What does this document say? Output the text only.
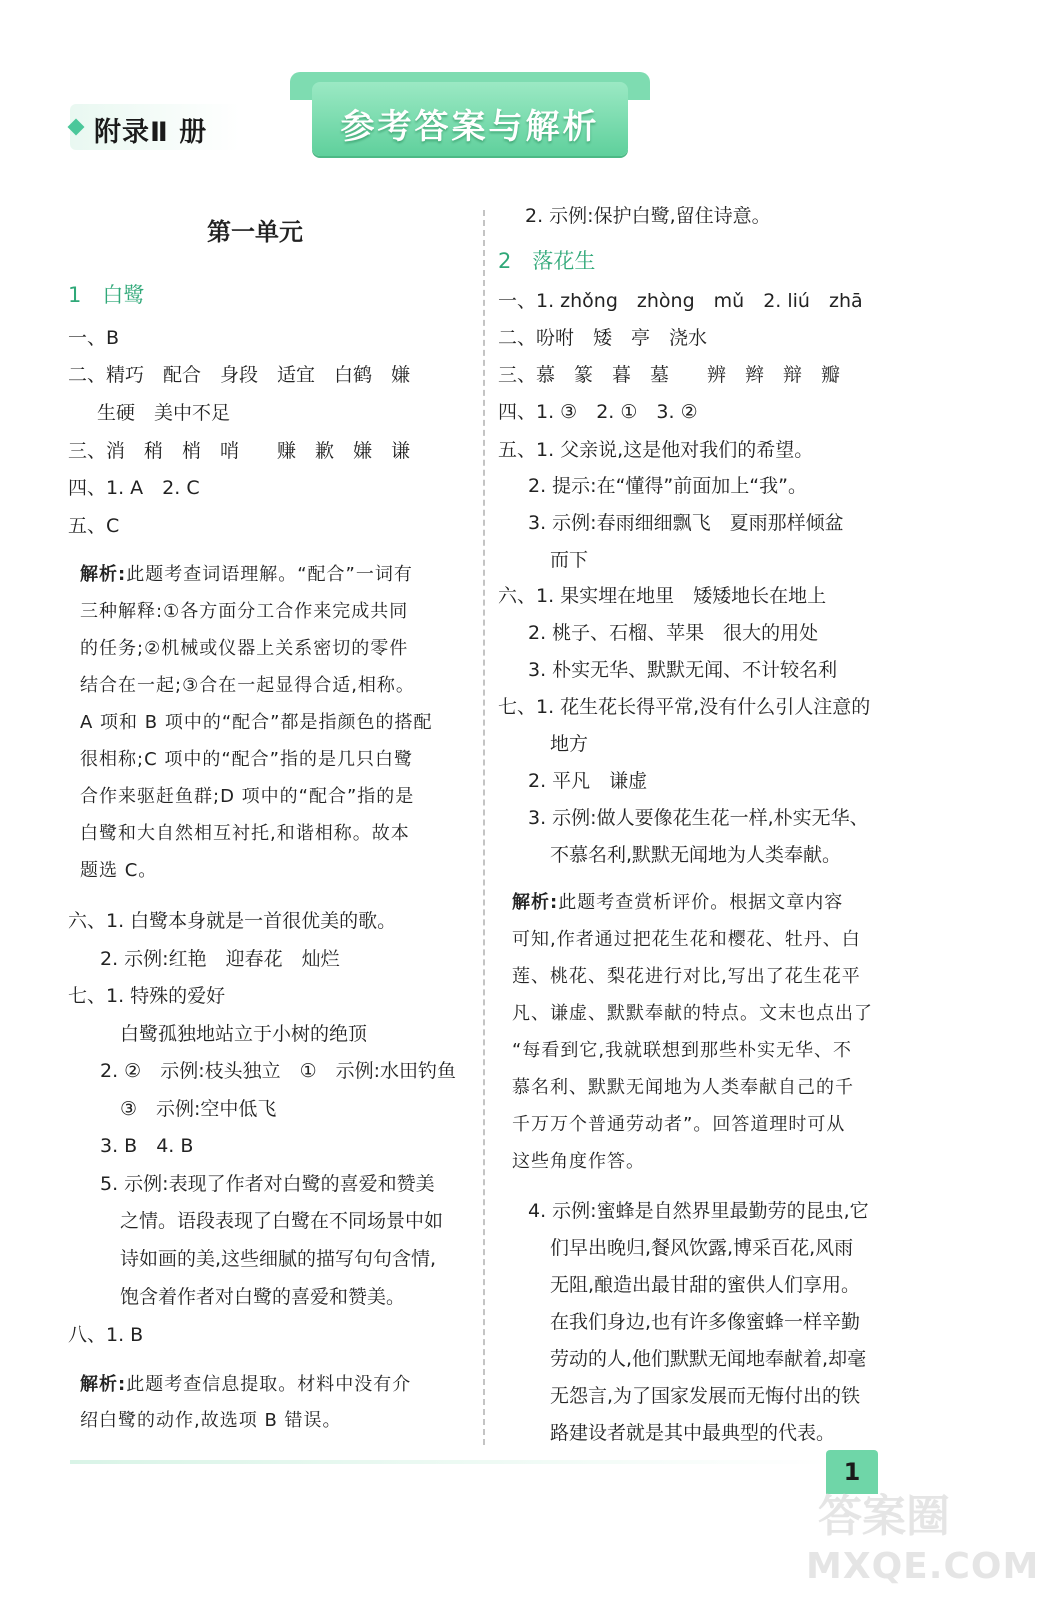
附录Ⅱ 册	参考答案与解析
第一单元
1　白鹭
一、B
二、精巧　配合　身段　适宜　白鹤　嫌
生硬　美中不足
三、消　稍　梢　哨　　赚　歉　嫌　谦
四、1. A　2. C
五、C
解析:此题考查词语理解。“配合”一词有
三种解释:①各方面分工合作来完成共同
的任务;②机械或仪器上关系密切的零件
结合在一起;③合在一起显得合适,相称。
A 项和 B 项中的“配合”都是指颜色的搭配
很相称;C 项中的“配合”指的是几只白鹭
合作来驱赶鱼群;D 项中的“配合”指的是
白鹭和大自然相互衬托,和谐相称。故本
题选 C。
六、1. 白鹭本身就是一首很优美的歌。
2. 示例:红艳　迎春花　灿烂
七、1. 特殊的爱好
白鹭孤独地站立于小树的绝顶
2. ②　示例:枝头独立　①　示例:水田钓鱼
③　示例:空中低飞
3. B　4. B
5. 示例:表现了作者对白鹭的喜爱和赞美
之情。语段表现了白鹭在不同场景中如
诗如画的美,这些细腻的描写句句含情,
饱含着作者对白鹭的喜爱和赞美。
八、1. B
解析:此题考查信息提取。材料中没有介
绍白鹭的动作,故选项 B 错误。
2. 示例:保护白鹭,留住诗意。
2　落花生
一、1. zhǒng　zhòng　mǔ　2. liú　zhā
二、吩咐　矮　亭　浇水
三、慕　篆　暮　墓　　辨　辫　辩　瓣
四、1. ③　2. ①　3. ②
五、1. 父亲说,这是他对我们的希望。
2. 提示:在“懂得”前面加上“我”。
3. 示例:春雨细细飘飞　夏雨那样倾盆
而下
六、1. 果实埋在地里　矮矮地长在地上
2. 桃子、石榴、苹果　很大的用处
3. 朴实无华、默默无闻、不计较名利
七、1. 花生花长得平常,没有什么引人注意的
地方
2. 平凡　谦虚
3. 示例:做人要像花生花一样,朴实无华、
不慕名利,默默无闻地为人类奉献。
解析:此题考查赏析评价。根据文章内容
可知,作者通过把花生花和樱花、牡丹、白
莲、桃花、梨花进行对比,写出了花生花平
凡、谦虚、默默奉献的特点。文末也点出了
“每看到它,我就联想到那些朴实无华、不
慕名利、默默无闻地为人类奉献自己的千
千万万个普通劳动者”。回答道理时可从
这些角度作答。
4. 示例:蜜蜂是自然界里最勤劳的昆虫,它
们早出晚归,餐风饮露,博采百花,风雨
无阻,酿造出最甘甜的蜜供人们享用。
在我们身边,也有许多像蜜蜂一样辛勤
劳动的人,他们默默无闻地奉献着,却毫
无怨言,为了国家发展而无悔付出的铁
路建设者就是其中最典型的代表。
1
答案圈
MXQE.COM
